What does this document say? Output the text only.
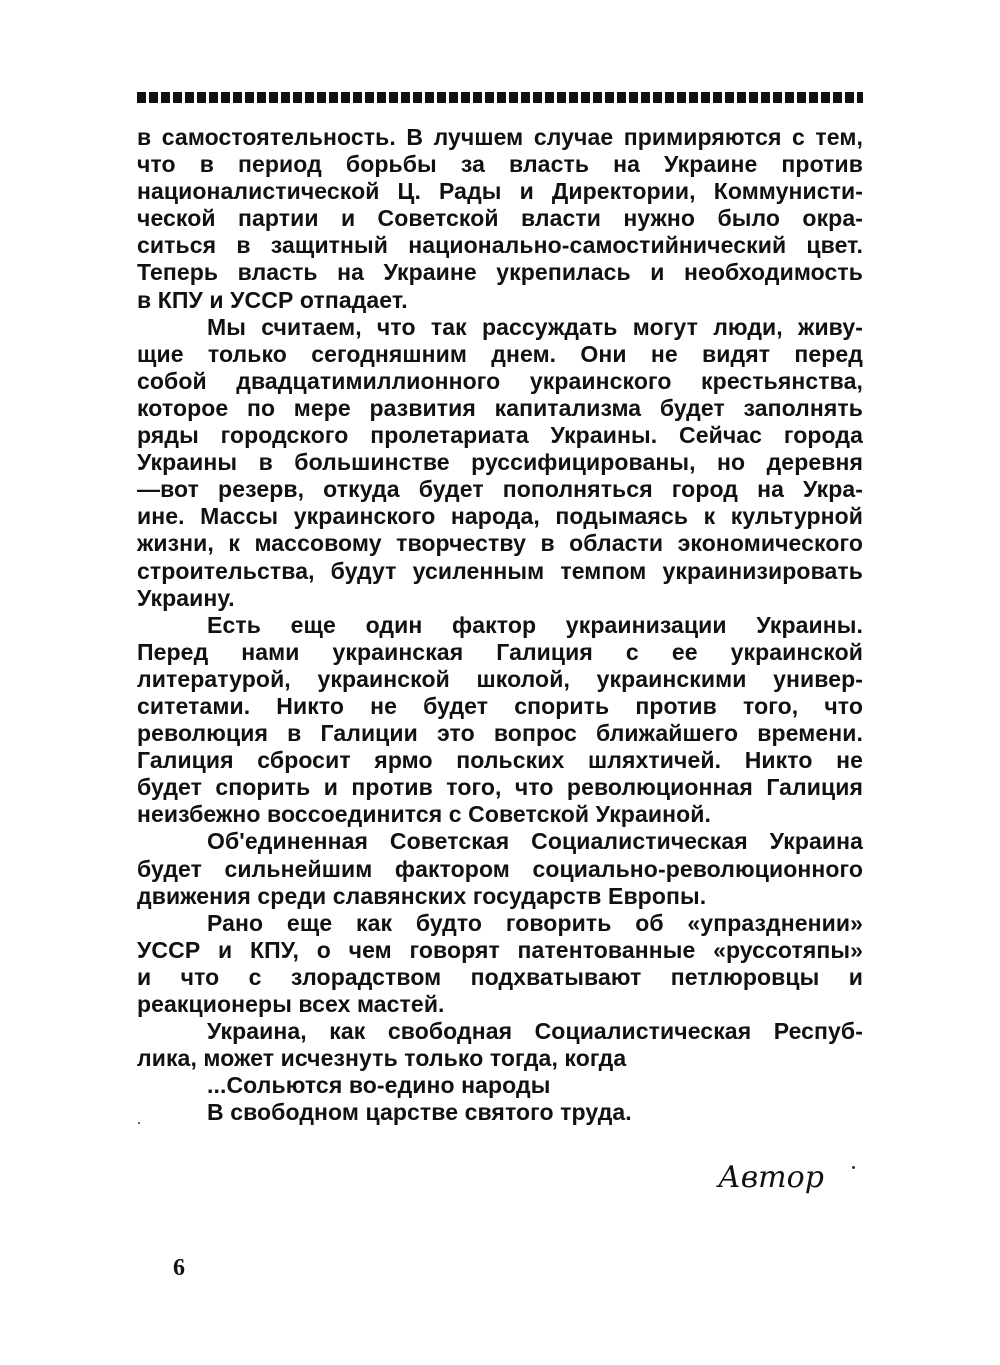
в самостоятельность. В лучшем случае примиряются с тем,
что в период борьбы за власть на Украине против
националистической Ц. Рады и Директории, Коммунисти-
ческой партии и Советской власти нужно было окра-
ситься в защитный национально-самостийнический цвет.
Теперь власть на Украине укрепилась и необходимость
в КПУ и УССР отпадает.
Мы считаем, что так рассуждать могут люди, живу-
щие только сегодняшним днем. Они не видят перед
собой двадцатимиллионного украинского крестьянства,
которое по мере развития капитализма будет заполнять
ряды городского пролетариата Украины. Сейчас города
Украины в большинстве руссифицированы, но деревня
—вот резерв, откуда будет пополняться город на Укра-
ине. Массы украинского народа, подымаясь к культурной
жизни, к массовому творчеству в области экономического
строительства, будут усиленным темпом украинизировать
Украину.
Есть еще один фактор украинизации Украины.
Перед нами украинская Галиция с ее украинской
литературой, украинской школой, украинскими универ-
ситетами. Никто не будет спорить против того, что
революция в Галиции это вопрос ближайшего времени.
Галиция сбросит ярмо польских шляхтичей. Никто не
будет спорить и против того, что революционная Галиция
неизбежно воссоединится с Советской Украиной.
Об'единенная Советская Социалистическая Украина
будет сильнейшим фактором социально-революционного
движения среди славянских государств Европы.
Рано еще как будто говорить об «упразднении»
УССР и КПУ, о чем говорят патентованные «руссотяпы»
и что с злорадством подхватывают петлюровцы и
реакционеры всех мастей.
Украина, как свободная Социалистическая Респуб-
лика, может исчезнуть только тогда, когда
...Сольются во-едино народы
В свободном царстве святого труда.
Автор
6
